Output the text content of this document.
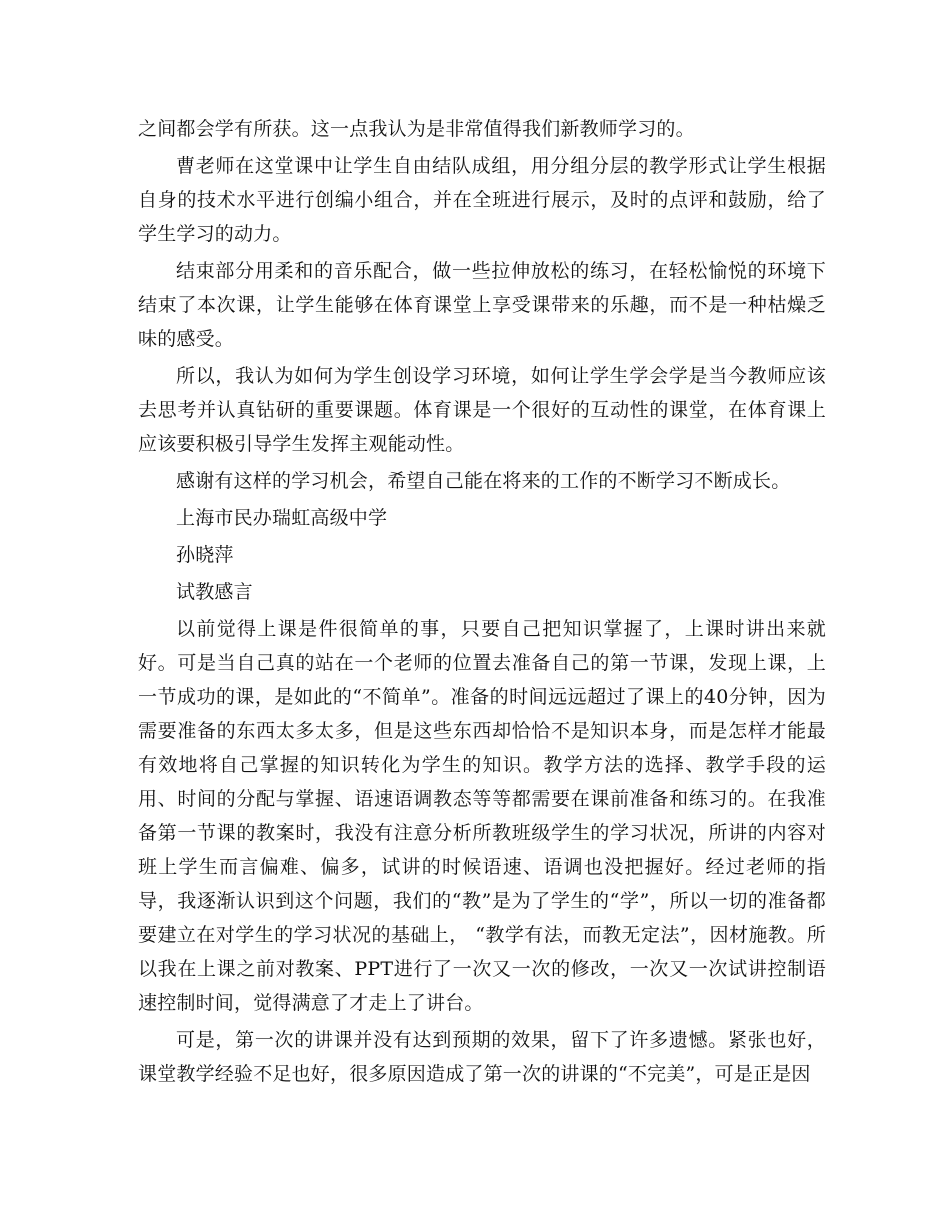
之间都会学有所获。这一点我认为是非常值得我们新教师学习的。

曹老师在这堂课中让学生自由结队成组，用分组分层的教学形式让学生根据自身的技术水平进行创编小组合，并在全班进行展示，及时的点评和鼓励，给了学生学习的动力。

结束部分用柔和的音乐配合，做一些拉伸放松的练习，在轻松愉悦的环境下结束了本次课，让学生能够在体育课堂上享受课带来的乐趣，而不是一种枯燥乏味的感受。

所以，我认为如何为学生创设学习环境，如何让学生学会学是当今教师应该去思考并认真钻研的重要课题。体育课是一个很好的互动性的课堂，在体育课上应该要积极引导学生发挥主观能动性。

感谢有这样的学习机会，希望自己能在将来的工作的不断学习不断成长。

上海市民办瑞虹高级中学

孙晓萍

试教感言

以前觉得上课是件很简单的事，只要自己把知识掌握了，上课时讲出来就好。可是当自己真的站在一个老师的位置去准备自己的第一节课，发现上课，上一节成功的课，是如此的“不简单”。准备的时间远远超过了课上的40分钟，因为需要准备的东西太多太多，但是这些东西却恰恰不是知识本身，而是怎样才能最有效地将自己掌握的知识转化为学生的知识。教学方法的选择、教学手段的运用、时间的分配与掌握、语速语调教态等等都需要在课前准备和练习的。在我准备第一节课的教案时，我没有注意分析所教班级学生的学习状况，所讲的内容对班上学生而言偏难、偏多，试讲的时候语速、语调也没把握好。经过老师的指导，我逐渐认识到这个问题，我们的“教”是为了学生的“学”，所以一切的准备都要建立在对学生的学习状况的基础上， “教学有法，而教无定法”，因材施教。所以我在上课之前对教案、PPT进行了一次又一次的修改，一次又一次试讲控制语速控制时间，觉得满意了才走上了讲台。

可是，第一次的讲课并没有达到预期的效果，留下了许多遗憾。紧张也好，课堂教学经验不足也好，很多原因造成了第一次的讲课的“不完美”，可是正是因
